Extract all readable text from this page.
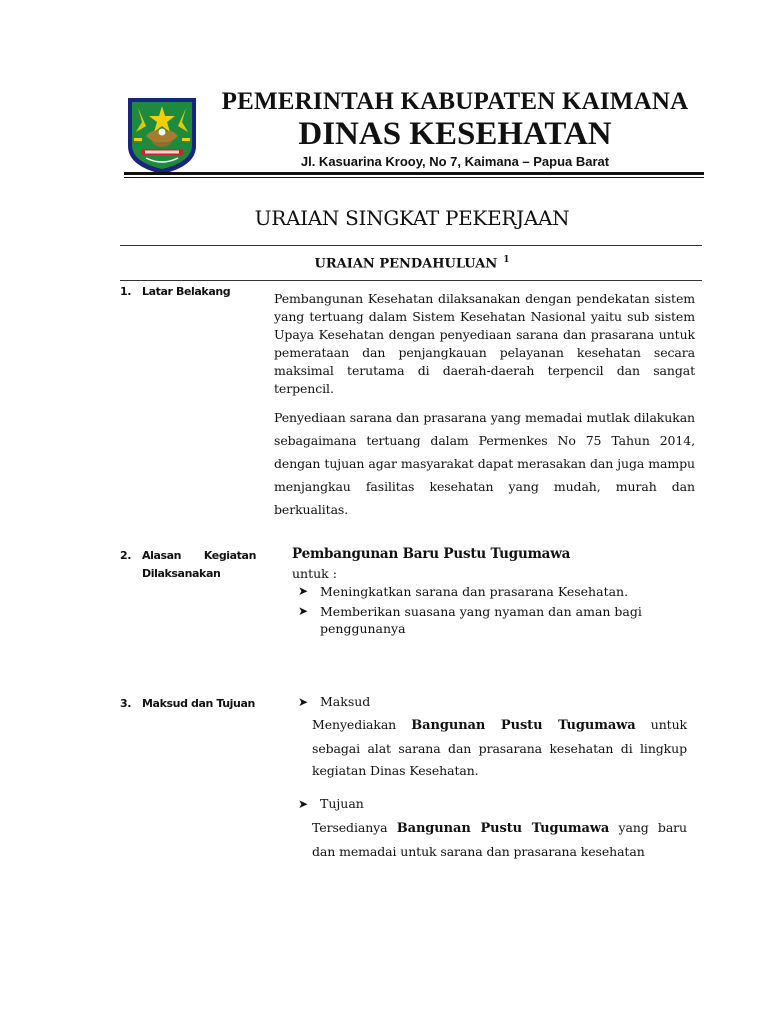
PEMERINTAH KABUPATEN KAIMANA
DINAS KESEHATAN
Jl. Kasuarina Krooy, No 7, Kaimana – Papua Barat
URAIAN SINGKAT PEKERJAAN
URAIAN PENDAHULUAN $^1$
1. Latar Belakang	Pembangunan Kesehatan dilaksanakan dengan pendekatan sistem yang tertuang dalam Sistem Kesehatan Nasional yaitu sub sistem Upaya Kesehatan dengan penyediaan sarana dan prasarana untuk pemerataan dan penjangkauan pelayanan kesehatan secara maksimal terutama di daerah-daerah terpencil dan sangat terpencil.
Penyediaan sarana dan prasarana yang memadai mutlak dilakukan sebagaimana tertuang dalam Permenkes No 75 Tahun 2014, dengan tujuan agar masyarakat dapat merasakan dan juga mampu menjangkau fasilitas kesehatan yang mudah, murah dan berkualitas.
2. Alasan Kegiatan
Dilaksanakan
Pembangunan Baru Pustu Tugumawa
untuk :
➤ Meningkatkan sarana dan prasarana Kesehatan.
➤ Memberikan suasana yang nyaman dan aman bagi penggunanya
3. Maksud dan Tujuan	➤ Maksud
Menyediakan Bangunan Pustu Tugumawa untuk sebagai alat sarana dan prasarana kesehatan di lingkup kegiatan Dinas Kesehatan.
➤ Tujuan
Tersedianya Bangunan Pustu Tugumawa yang baru dan memadai untuk sarana dan prasarana kesehatan
